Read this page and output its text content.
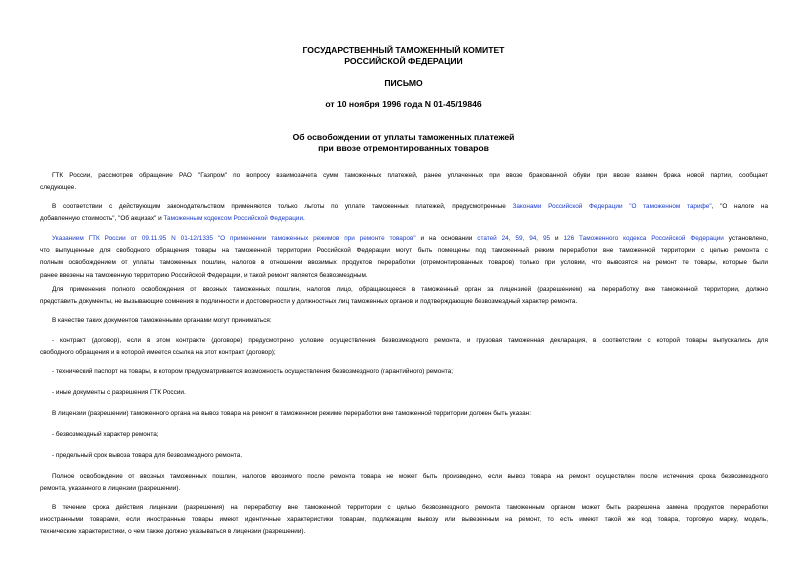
ГОСУДАРСТВЕННЫЙ ТАМОЖЕННЫЙ КОМИТЕТ
РОССИЙСКОЙ ФЕДЕРАЦИИ
ПИСЬМО
от 10 ноября 1996 года N 01-45/19846
Об освобождении от уплаты таможенных платежей
при ввозе отремонтированных товаров
ГТК России, рассмотрев обращение РАО "Газпром" по вопросу взаимозачета сумм таможенных платежей, ранее уплаченных при ввозе бракованной обуви при ввозе взамен брака новой партии, сообщает
следующее.
В соответствии с действующим законодательством применяются только льготы по уплате таможенных платежей, предусмотренные Законами Российской Федерации "О таможенном тарифе", "О налоге на
добавленную стоимость", "Об акцизах" и Таможенным кодексом Российской Федерации.
Указанием ГТК России от 09.11.95 N 01-12/1335 "О применении таможенных режимов при ремонте товаров" и на основании статей 24, 59, 94, 95 и 126 Таможенного кодекса Российской Федерации установлено,
что выпущенные для свободного обращения товары на таможенной территории Российской Федерации могут быть помещены под таможенный режим переработки вне таможенной территории с целью ремонта с
полным освобождением от уплаты таможенных пошлин, налогов в отношении ввозимых продуктов переработки (отремонтированных товаров) только при условии, что вывозятся на ремонт те товары, которые были
ранее ввезены на таможенную территорию Российской Федерации, и такой ремонт является безвозмездным.
Для применения полного освобождения от ввозных таможенных пошлин, налогов лицо, обращающееся в таможенный орган за лицензией (разрешением) на переработку вне таможенной территории, должно
представить документы, не вызывающие сомнения в подлинности и достоверности у должностных лиц таможенных органов и подтверждающие безвозмездный характер ремонта.
В качестве таких документов таможенными органами могут приниматься:
- контракт (договор), если в этом контракте (договоре) предусмотрено условие осуществления безвозмездного ремонта, и грузовая таможенная декларация, в соответствии с которой товары выпускались для
свободного обращения и в которой имеется ссылка на этот контракт (договор);
- технический паспорт на товары, в котором предусматривается возможность осуществления безвозмездного (гарантийного) ремонта;
- иные документы с разрешения ГТК России.
В лицензии (разрешении) таможенного органа на вывоз товара на ремонт в таможенном режиме переработки вне таможенной территории должен быть указан:
- безвозмездный характер ремонта;
- предельный срок вывоза товара для безвозмездного ремонта.
Полное освобождение от ввозных таможенных пошлин, налогов ввозимого после ремонта товара не может быть произведено, если вывоз товара на ремонт осуществлен после истечения срока безвозмездного
ремонта, указанного в лицензии (разрешении).
В течение срока действия лицензии (разрешения) на переработку вне таможенной территории с целью безвозмездного ремонта таможенным органом может быть разрешена замена продуктов переработки
иностранными товарами, если иностранные товары имеют идентичные характеристики товарам, подлежащим вывозу или вывезенным на ремонт, то есть имеют такой же код товара, торговую марку, модель,
технические характеристики, о чем также должно указываться в лицензии (разрешении).
